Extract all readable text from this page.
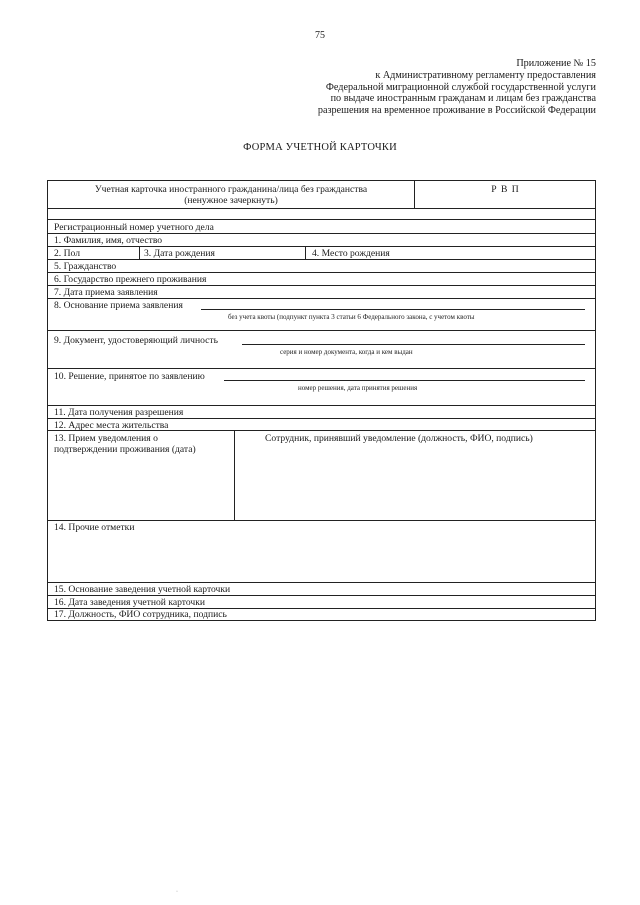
75
Приложение № 15
к Административному регламенту предоставления
Федеральной миграционной службой государственной услуги
по выдаче иностранным гражданам и лицам без гражданства
разрешения на временное проживание в Российской Федерации
ФОРМА УЧЕТНОЙ КАРТОЧКИ
Учетная карточка иностранного гражданина/лица без гражданства
(ненужное зачеркнуть)
Р В П
Регистрационный номер учетного дела
1. Фамилия, имя, отчество
2. Пол	3. Дата рождения	4. Место рождения
5. Гражданство
6. Государство прежнего проживания
7. Дата приема заявления
8. Основание приема заявления
без учета квоты (подпункт пункта 3 статьи 6 Федерального закона, с учетом квоты
9. Документ, удостоверяющий личность
серия и номер документа, когда и кем выдан
10. Решение, принятое по заявлению
номер решения, дата принятия решения
11. Дата получения разрешения
12. Адрес места жительства
13. Прием уведомления о
подтверждении проживания (дата)
Сотрудник, принявший уведомление (должность, ФИО, подпись)
14. Прочие отметки
15. Основание заведения учетной карточки
16. Дата заведения учетной карточки
17. Должность, ФИО сотрудника, подпись
·
